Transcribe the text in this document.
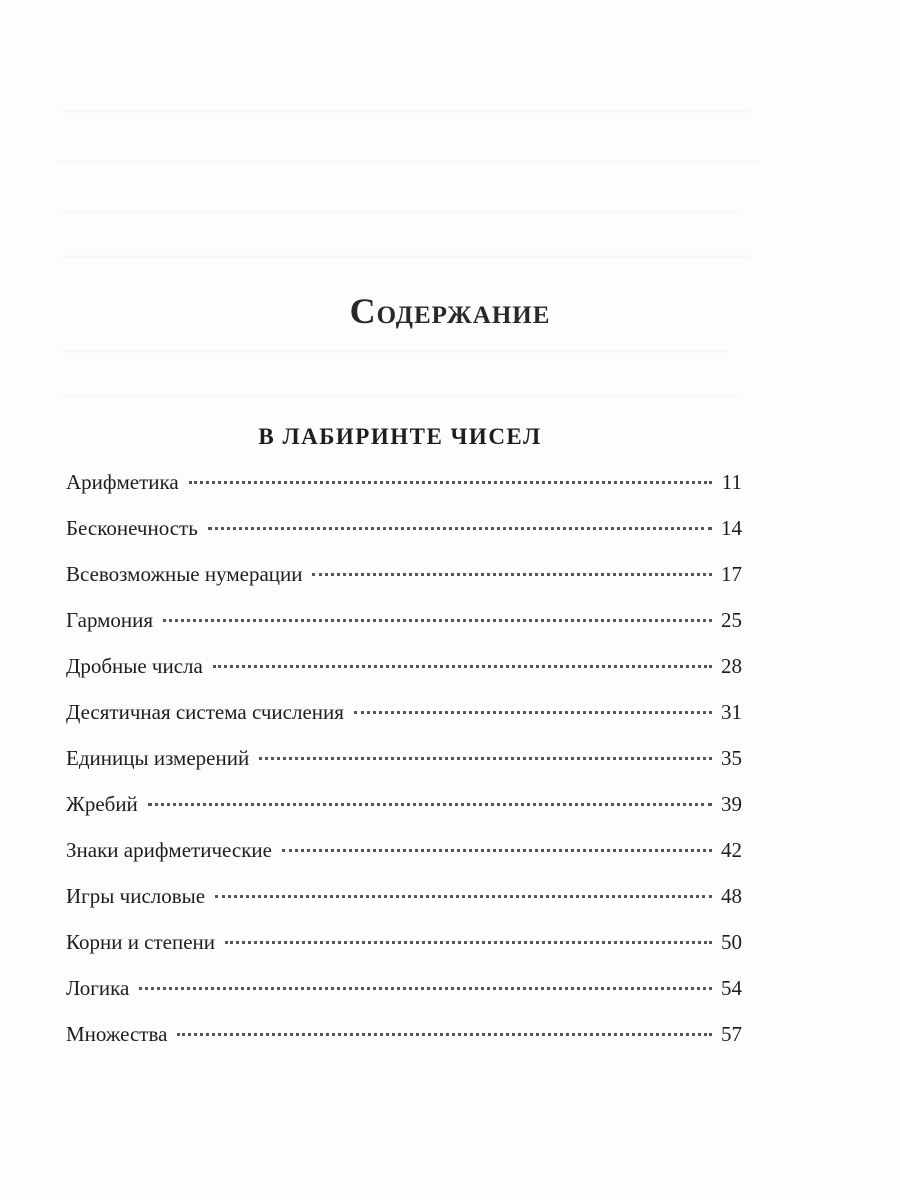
Содержание
В ЛАБИРИНТЕ ЧИСЕЛ
Арифметика	11
Бесконечность	14
Всевозможные нумерации	17
Гармония	25
Дробные числа	28
Десятичная система счисления	31
Единицы измерений	35
Жребий	39
Знаки арифметические	42
Игры числовые	48
Корни и степени	50
Логика	54
Множества	57
